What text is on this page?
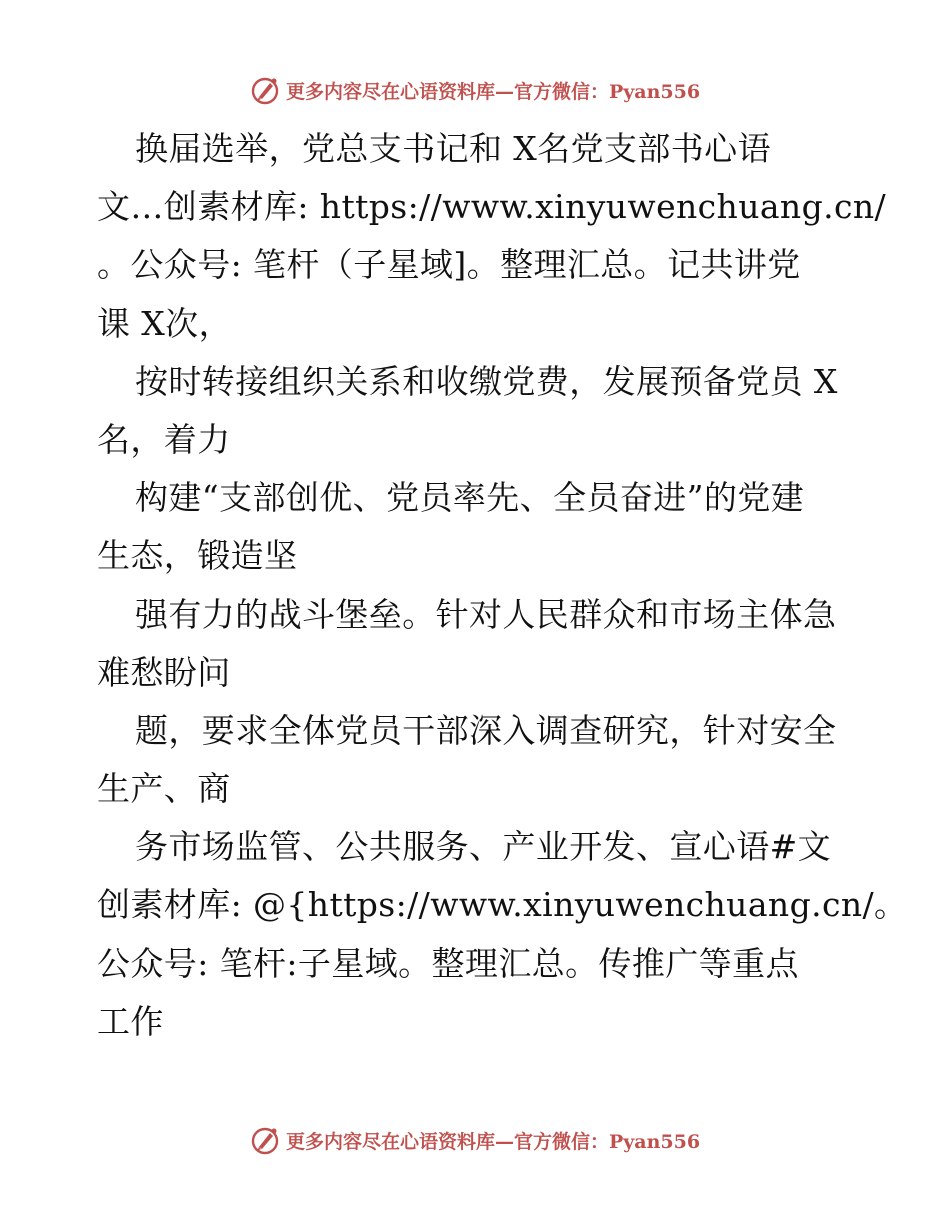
更多内容尽在心语资料库—官方微信：Pyan556
换届选举，党总支书记和 X名党支部书心语
文…创素材库: https://www.xinyuwenchuang.cn/
。公众号: 笔杆（子星域]。整理汇总。记共讲党
课 X次，
按时转接组织关系和收缴党费，发展预备党员 X
名，着力
构建“支部创优、党员率先、全员奋进”的党建
生态，锻造坚
强有力的战斗堡垒。针对人民群众和市场主体急
难愁盼问
题，要求全体党员干部深入调查研究，针对安全
生产、商
务市场监管、公共服务、产业开发、宣心语#文
创素材库: @{https://www.xinyuwenchuang.cn/。
公众号: 笔杆:子星域。整理汇总。传推广等重点
工作
更多内容尽在心语资料库—官方微信：Pyan556
